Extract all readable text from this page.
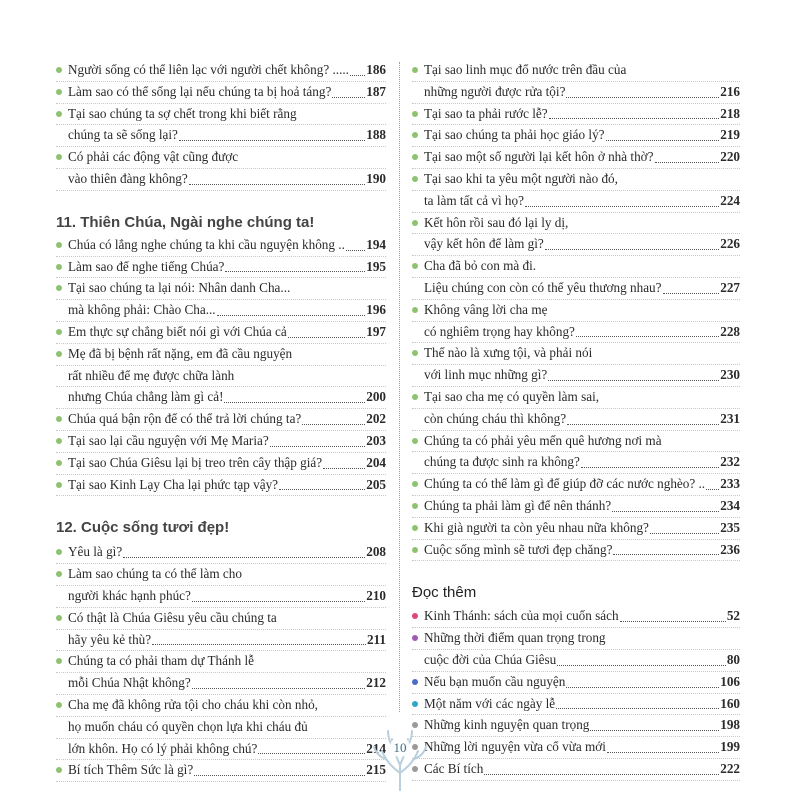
Người sống có thể liên lạc với người chết không? ..... 186
Làm sao có thể sống lại nếu chúng ta bị hoả táng?	187
Tại sao chúng ta sợ chết trong khi biết rằng
chúng ta sẽ sống lại?	188
Có phải các động vật cũng được
vào thiên đàng không?	190
11. Thiên Chúa, Ngài nghe chúng ta!
Chúa có lắng nghe chúng ta khi cầu nguyện không .. 194
Làm sao để nghe tiếng Chúa?	195
Tại sao chúng ta lại nói: Nhân danh Cha...
mà không phải: Chào Cha...	196
Em thực sự chẳng biết nói gì với Chúa cả	197
Mẹ đã bị bệnh rất nặng, em đã cầu nguyện
rất nhiều để mẹ được chữa lành
nhưng Chúa chẳng làm gì cả!	200
Chúa quá bận rộn để có thể trả lời chúng ta?	202
Tại sao lại cầu nguyện với Mẹ Maria?	203
Tại sao Chúa Giêsu lại bị treo trên cây thập giá?	204
Tại sao Kinh Lạy Cha lại phức tạp vậy?	205
12. Cuộc sống tươi đẹp!
Yêu là gì?	208
Làm sao chúng ta có thể làm cho
người khác hạnh phúc?	210
Có thật là Chúa Giêsu yêu cầu chúng ta
hãy yêu kẻ thù?	211
Chúng ta có phải tham dự Thánh lễ
mỗi Chúa Nhật không?	212
Cha mẹ đã không rửa tội cho cháu khi còn nhỏ,
họ muốn cháu có quyền chọn lựa khi cháu đủ
lớn khôn. Họ có lý phải không chú?	214
Bí tích Thêm Sức là gì?	215
Tại sao linh mục đổ nước trên đầu của
những người được rửa tội?	216
Tại sao ta phải rước lễ?	218
Tại sao chúng ta phải học giáo lý?	219
Tại sao một số người lại kết hôn ở nhà thờ?	220
Tại sao khi ta yêu một người nào đó,
ta làm tất cả vì họ?	224
Kết hôn rồi sau đó lại ly dị,
vậy kết hôn để làm gì?	226
Cha đã bỏ con mà đi.
Liệu chúng con còn có thể yêu thương nhau?	227
Không vâng lời cha mẹ
có nghiêm trọng hay không?	228
Thế nào là xưng tội, và phải nói
với linh mục những gì?	230
Tại sao cha mẹ có quyền làm sai,
còn chúng cháu thì không?	231
Chúng ta có phải yêu mến quê hương nơi mà
chúng ta được sinh ra không?	232
Chúng ta có thể làm gì để giúp đỡ các nước nghèo? .. 233
Chúng ta phải làm gì để nên thánh?	234
Khi già người ta còn yêu nhau nữa không?	235
Cuộc sống mình sẽ tươi đẹp chăng?	236
Đọc thêm
Kinh Thánh: sách của mọi cuốn sách	52
Những thời điểm quan trọng trong
cuộc đời của Chúa Giêsu	80
Nếu bạn muốn cầu nguyện	106
Một năm với các ngày lễ	160
Những kinh nguyện quan trọng	198
Những lời nguyện vừa cổ vừa mới	199
Các Bí tích	222
10
